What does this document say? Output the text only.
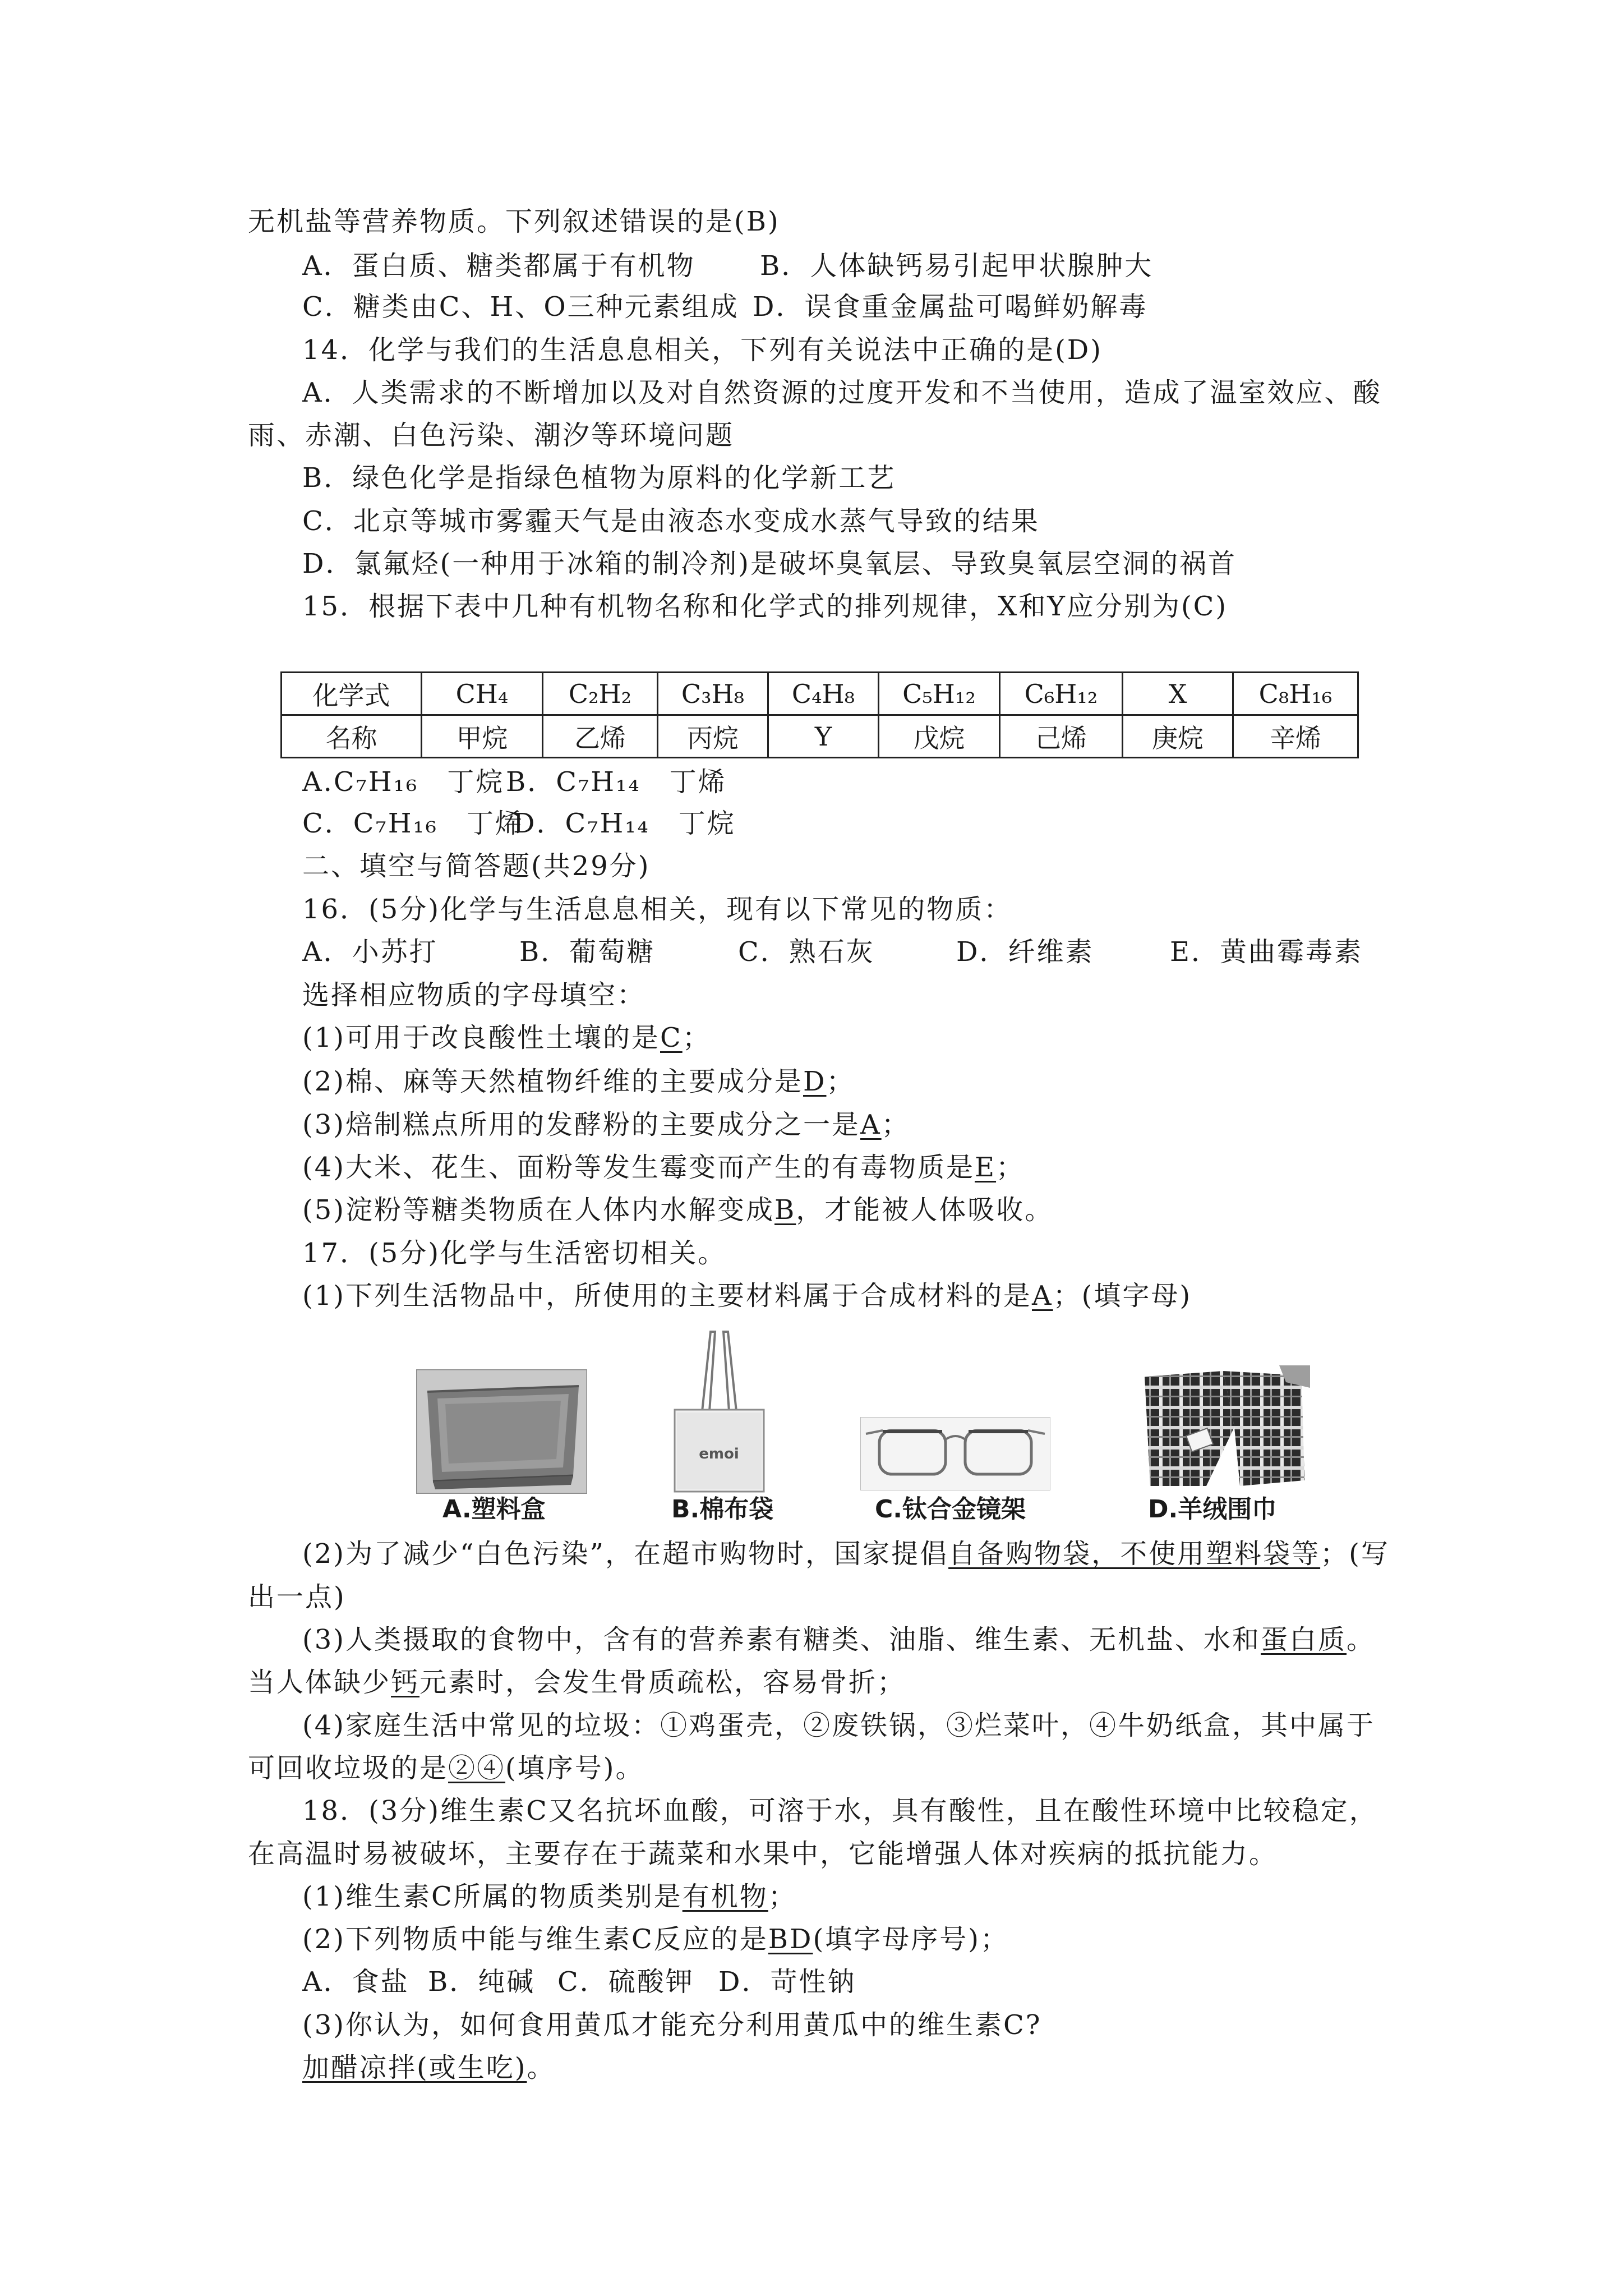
无机盐等营养物质。下列叙述错误的是(B)
A．蛋白质、糖类都属于有机物 B．人体缺钙易引起甲状腺肿大
C．糖类由C、H、O三种元素组成 D．误食重金属盐可喝鲜奶解毒
14．化学与我们的生活息息相关，下列有关说法中正确的是(D)
A．人类需求的不断增加以及对自然资源的过度开发和不当使用，造成了温室效应、酸
雨、赤潮、白色污染、潮汐等环境问题
B．绿色化学是指绿色植物为原料的化学新工艺
C．北京等城市雾霾天气是由液态水变成水蒸气导致的结果
D．氯氟烃(一种用于冰箱的制冷剂)是破坏臭氧层、导致臭氧层空洞的祸首
15．根据下表中几种有机物名称和化学式的排列规律，X和Y应分别为(C)
化学式	CH₄	C₂H₂	C₃H₈	C₄H₈	C₅H₁₂	C₆H₁₂	X	C₈H₁₆
名称	甲烷	乙烯	丙烷	Y	戊烷	己烯	庚烷	辛烯
A.C₇H₁₆　丁烷 B．C₇H₁₄　丁烯
C．C₇H₁₆　丁烯
D．C₇H₁₄　丁烷
二、填空与简答题(共29分)
16．(5分)化学与生活息息相关，现有以下常见的物质：
A．小苏打	B．葡萄糖	C．熟石灰	D．纤维素	E．黄曲霉毒素
选择相应物质的字母填空：
(1)可用于改良酸性土壤的是C；
(2)棉、麻等天然植物纤维的主要成分是D；
(3)焙制糕点所用的发酵粉的主要成分之一是A；
(4)大米、花生、面粉等发生霉变而产生的有毒物质是E；
(5)淀粉等糖类物质在人体内水解变成B，才能被人体吸收。
17．(5分)化学与生活密切相关。
(1)下列生活物品中，所使用的主要材料属于合成材料的是A；(填字母)
emoi
A.塑料盒	B.棉布袋	C.钛合金镜架	D.羊绒围巾
(2)为了减少“白色污染”，在超市购物时，国家提倡自备购物袋，不使用塑料袋等；(写
出一点)
(3)人类摄取的食物中，含有的营养素有糖类、油脂、维生素、无机盐、水和蛋白质。
当人体缺少钙元素时，会发生骨质疏松，容易骨折；
(4)家庭生活中常见的垃圾：①鸡蛋壳，②废铁锅，③烂菜叶，④牛奶纸盒，其中属于
可回收垃圾的是②④(填序号)。
18．(3分)维生素C又名抗坏血酸，可溶于水，具有酸性，且在酸性环境中比较稳定，
在高温时易被破坏，主要存在于蔬菜和水果中，它能增强人体对疾病的抵抗能力。
(1)维生素C所属的物质类别是有机物；
(2)下列物质中能与维生素C反应的是BD(填字母序号)；
A．食盐 B．纯碱 C．硫酸钾 D．苛性钠
(3)你认为，如何食用黄瓜才能充分利用黄瓜中的维生素C?
加醋凉拌(或生吃)。
